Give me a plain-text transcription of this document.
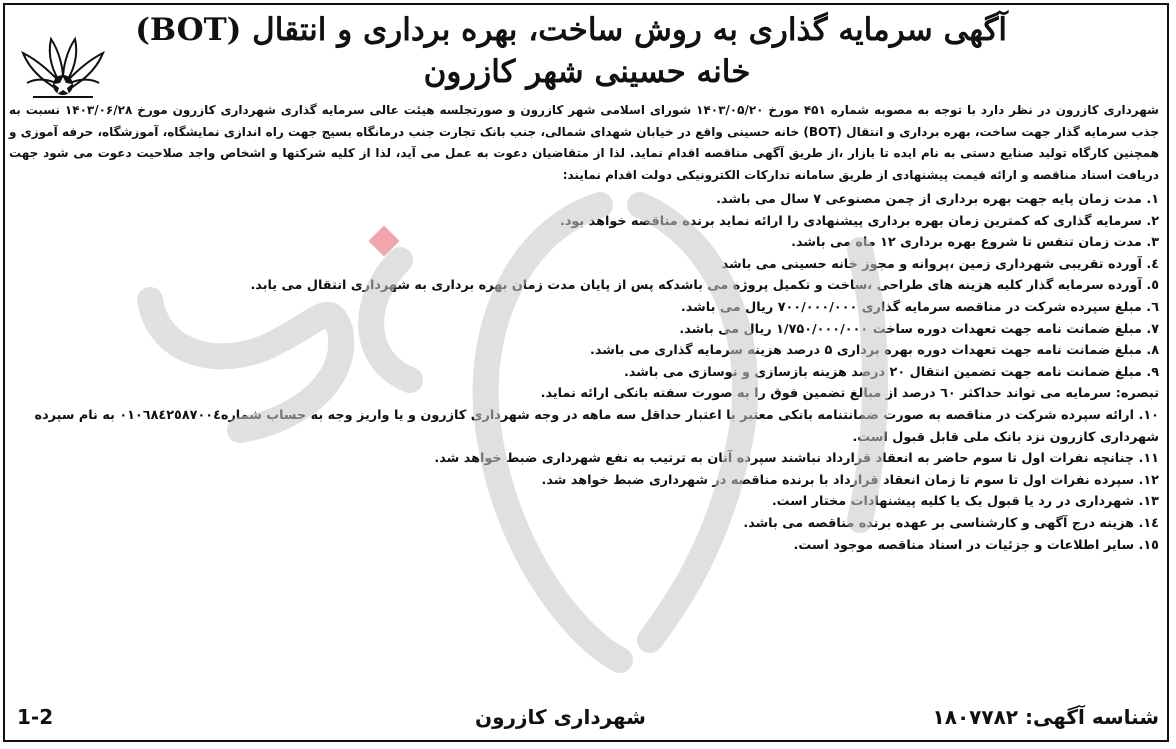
آگهی سرمایه گذاری به روش ساخت، بهره برداری و انتقال (BOT)
خانه حسینی شهر کازرون
شهرداری کازرون در نظر دارد با توجه به مصوبه شماره ۴۵۱ مورخ ۱۴۰۳/۰۵/۲۰ شورای اسلامی شهر کازرون و صورتجلسه هیئت عالی سرمایه گذاری شهرداری کازرون مورخ ۱۴۰۳/۰۶/۲۸ نسبت به جذب سرمایه گذار جهت ساخت، بهره برداری و انتقال (BOT) خانه حسینی واقع در خیابان شهدای شمالی، جنب بانک تجارت جنب درمانگاه بسیج جهت راه اندازی نمایشگاه، آموزشگاه، حرفه آموزی و همچنین کارگاه تولید صنایع دستی به نام ایده تا بازار ،از طریق آگهی مناقصه اقدام نماید. لذا از متقاضیان دعوت به عمل می آید، لذا از کلیه شرکتها و اشخاص واجد صلاحیت دعوت می شود جهت دریافت اسناد مناقصه و ارائه قیمت پیشنهادی از طریق سامانه تدارکات الکترونیکی دولت اقدام نمایند:
۱. مدت زمان پایه جهت بهره برداری از چمن مصنوعی ۷ سال می باشد.
۲. سرمایه گذاری که کمترین زمان بهره برداری پیشنهادی را ارائه نماید برنده مناقصه خواهد بود.
۳. مدت زمان تنفس تا شروع بهره برداری ۱۲ ماه می باشد.
٤. آورده تقریبی شهرداری زمین ،پروانه و مجوز خانه حسینی می باشد
٥. آورده سرمایه گذار کلیه هزینه های طراحی ،ساخت و تکمیل پروژه می باشدکه پس از پایان مدت زمان بهره برداری به شهرداری انتقال می یابد.
٦. مبلغ سپرده شرکت در مناقصه سرمایه گذاری ۷۰۰/۰۰۰/۰۰۰ ریال می باشد.
۷. مبلغ ضمانت نامه جهت تعهدات دوره ساخت ۱/۷۵۰/۰۰۰/۰۰۰ ریال می باشد.
۸. مبلغ ضمانت نامه جهت تعهدات دوره بهره برداری ۵ درصد هزینه سرمایه گذاری می باشد.
۹. مبلغ ضمانت نامه جهت تضمین انتقال ۲۰ درصد هزینه بازسازی و نوسازی می باشد.
تبصره: سرمایه می تواند حداکثر ٦٠ درصد از مبالغ تضمین فوق را به صورت سفته بانکی ارائه نماید.
۱۰. ارائه سپرده شرکت در مناقصه به صورت ضمانتنامه بانکی معتبر با اعتبار حداقل سه ماهه در وجه شهرداری کازرون و یا واریز وجه به حساب شماره٠١٠٦٨٤٢٥٨٧٠٠٤ به نام سپرده شهرداری کازرون نزد بانک ملی قابل قبول است.
۱۱. چنانچه نفرات اول تا سوم حاضر به انعقاد قرارداد نباشند سپرده آنان به ترتیب به نفع شهرداری ضبط خواهد شد.
۱۲. سپرده نفرات اول تا سوم تا زمان انعقاد قرارداد با برنده مناقصه در شهرداری ضبط خواهد شد.
۱۳. شهرداری در رد یا قبول یک یا کلیه پیشنهادات مختار است.
۱٤. هزینه درج آگهی و کارشناسی بر عهده برنده مناقصه می باشد.
۱٥. سایر اطلاعات و جزئیات در اسناد مناقصه موجود است.
شناسه آگهی: ۱۸۰۷۷۸۲
شهرداری کازرون
1-2
